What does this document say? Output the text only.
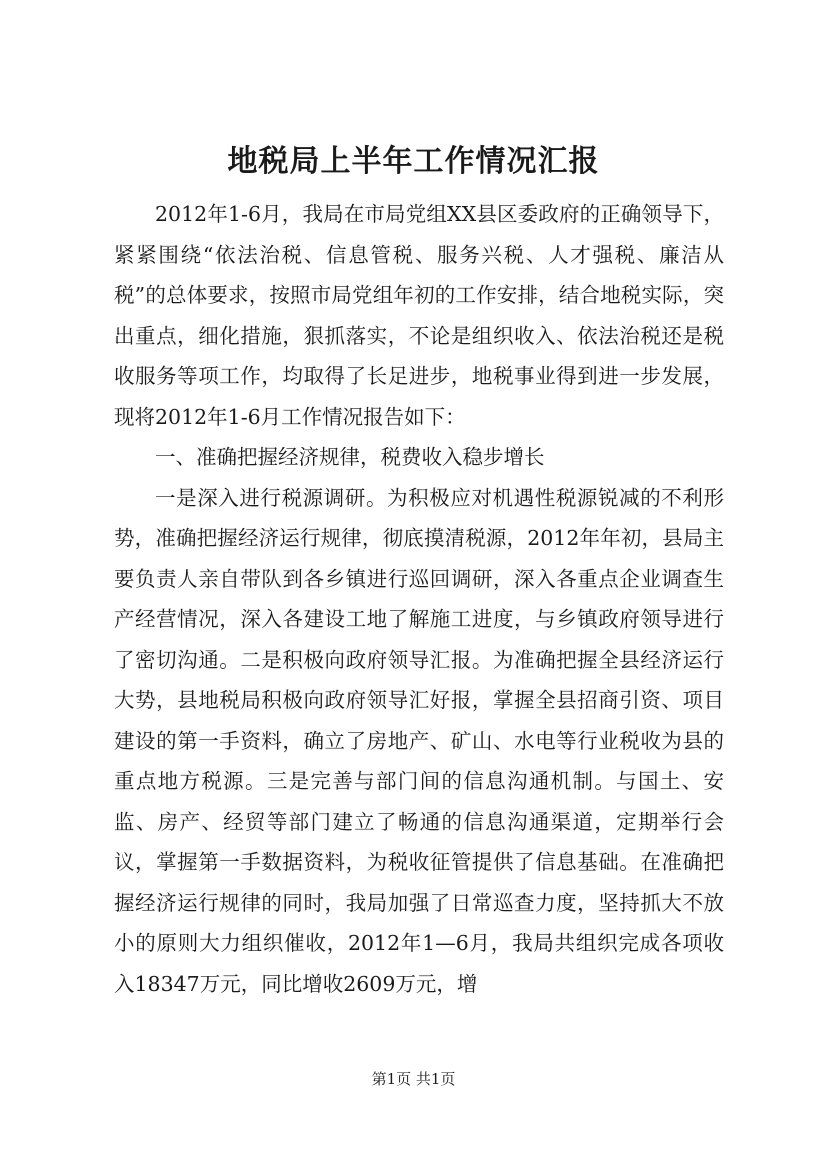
地税局上半年工作情况汇报

2012年1-6月，我局在市局党组XX县区委政府的正确领导下，紧紧围绕“依法治税、信息管税、服务兴税、人才强税、廉洁从税”的总体要求，按照市局党组年初的工作安排，结合地税实际，突出重点，细化措施，狠抓落实，不论是组织收入、依法治税还是税收服务等项工作，均取得了长足进步，地税事业得到进一步发展，现将2012年1-6月工作情况报告如下：

一、准确把握经济规律，税费收入稳步增长

一是深入进行税源调研。为积极应对机遇性税源锐减的不利形势，准确把握经济运行规律，彻底摸清税源，2012年年初，县局主要负责人亲自带队到各乡镇进行巡回调研，深入各重点企业调查生产经营情况，深入各建设工地了解施工进度，与乡镇政府领导进行了密切沟通。二是积极向政府领导汇报。为准确把握全县经济运行大势，县地税局积极向政府领导汇好报，掌握全县招商引资、项目建设的第一手资料，确立了房地产、矿山、水电等行业税收为县的重点地方税源。三是完善与部门间的信息沟通机制。与国土、安监、房产、经贸等部门建立了畅通的信息沟通渠道，定期举行会议，掌握第一手数据资料，为税收征管提供了信息基础。在准确把握经济运行规律的同时，我局加强了日常巡查力度，坚持抓大不放小的原则大力组织催收，2012年1—6月，我局共组织完成各项收入18347万元，同比增收2609万元，增

第1页 共1页
